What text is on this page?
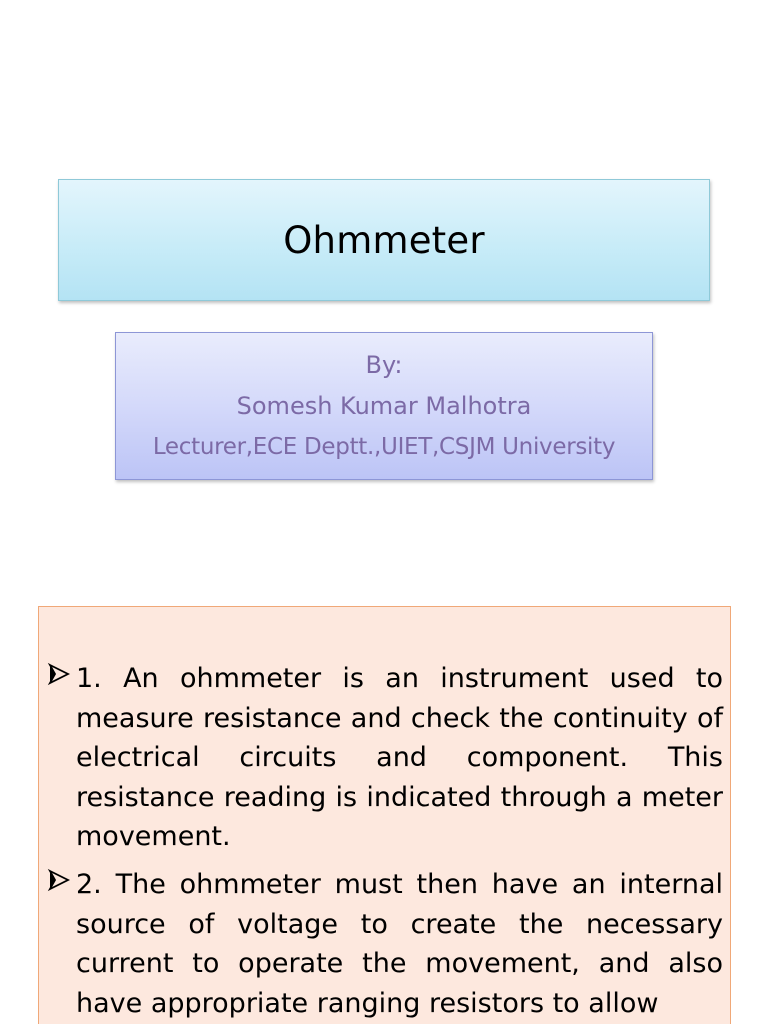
Ohmmeter
By:
Somesh Kumar Malhotra
Lecturer,ECE Deptt.,UIET,CSJM University
1. An ohmmeter is an instrument used to measure resistance and check the continuity of electrical circuits and component. This resistance reading is indicated through a meter movement.
2. The ohmmeter must then have an internal source of voltage to create the necessary current to operate the movement, and also have appropriate ranging resistors to allow
